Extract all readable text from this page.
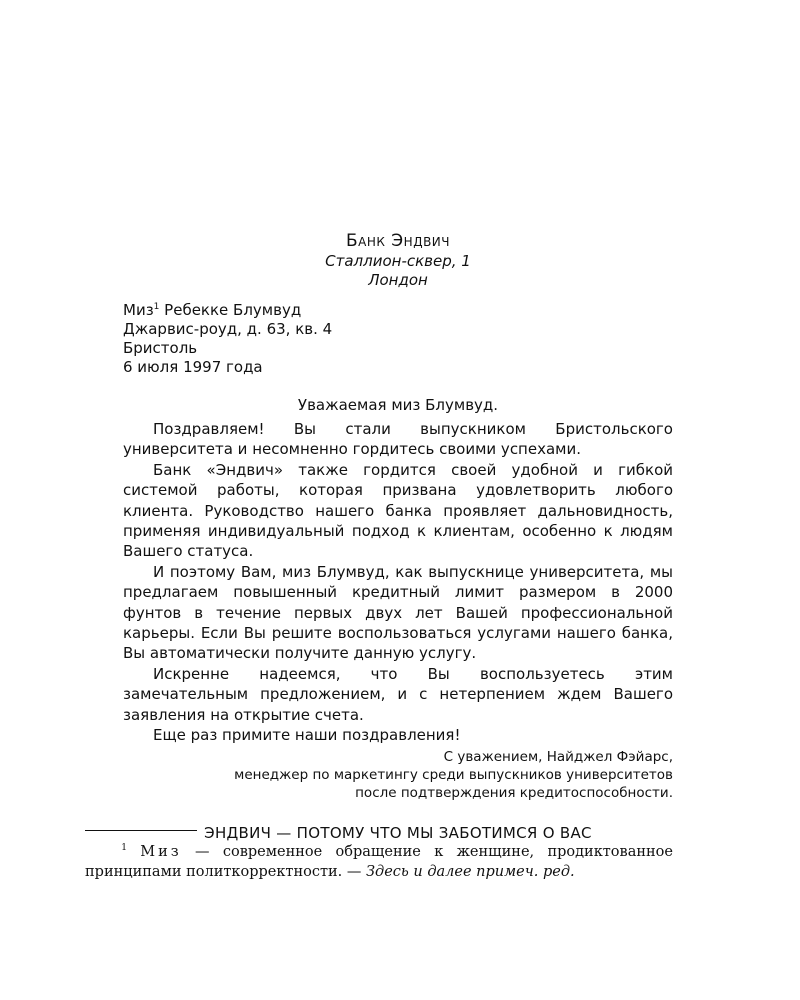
Банк Эндвич

Сталлион-сквер, 1

Лондон

Миз$^1$ Ребекке Блумвуд
Джарвис-роуд, д. 63, кв. 4
Бристоль
6 июля 1997 года
Уважаемая миз Блумвуд.

Поздравляем! Вы стали выпускником Бристольского университета и несомненно гордитесь своими успехами.

Банк «Эндвич» также гордится своей удобной и гибкой системой работы, которая призвана удовлетворить любого клиента. Руководство нашего банка проявляет дальновидность, применяя индивидуальный подход к клиентам, особенно к людям Вашего статуса.

И поэтому Вам, миз Блумвуд, как выпускнице университета, мы предлагаем повышенный кредитный лимит размером в 2000 фунтов в течение первых двух лет Вашей профессиональной карьеры. Если Вы решите воспользоваться услугами нашего банка, Вы автоматически получите данную услугу.

Искренне надеемся, что Вы воспользуетесь этим замечательным предложением, и с нетерпением ждем Вашего заявления на открытие счета.

Еще раз примите наши поздравления!

С уважением, Найджел Фэйарс,
менеджер по маркетингу среди выпускников университетов
после подтверждения кредитоспособности.
ЭНДВИЧ — ПОТОМУ ЧТО МЫ ЗАБОТИМСЯ О ВАС

$^1$ Миз — современное обращение к женщине, продиктованное принципами политкорректности. — Здесь и далее примеч. ред.
